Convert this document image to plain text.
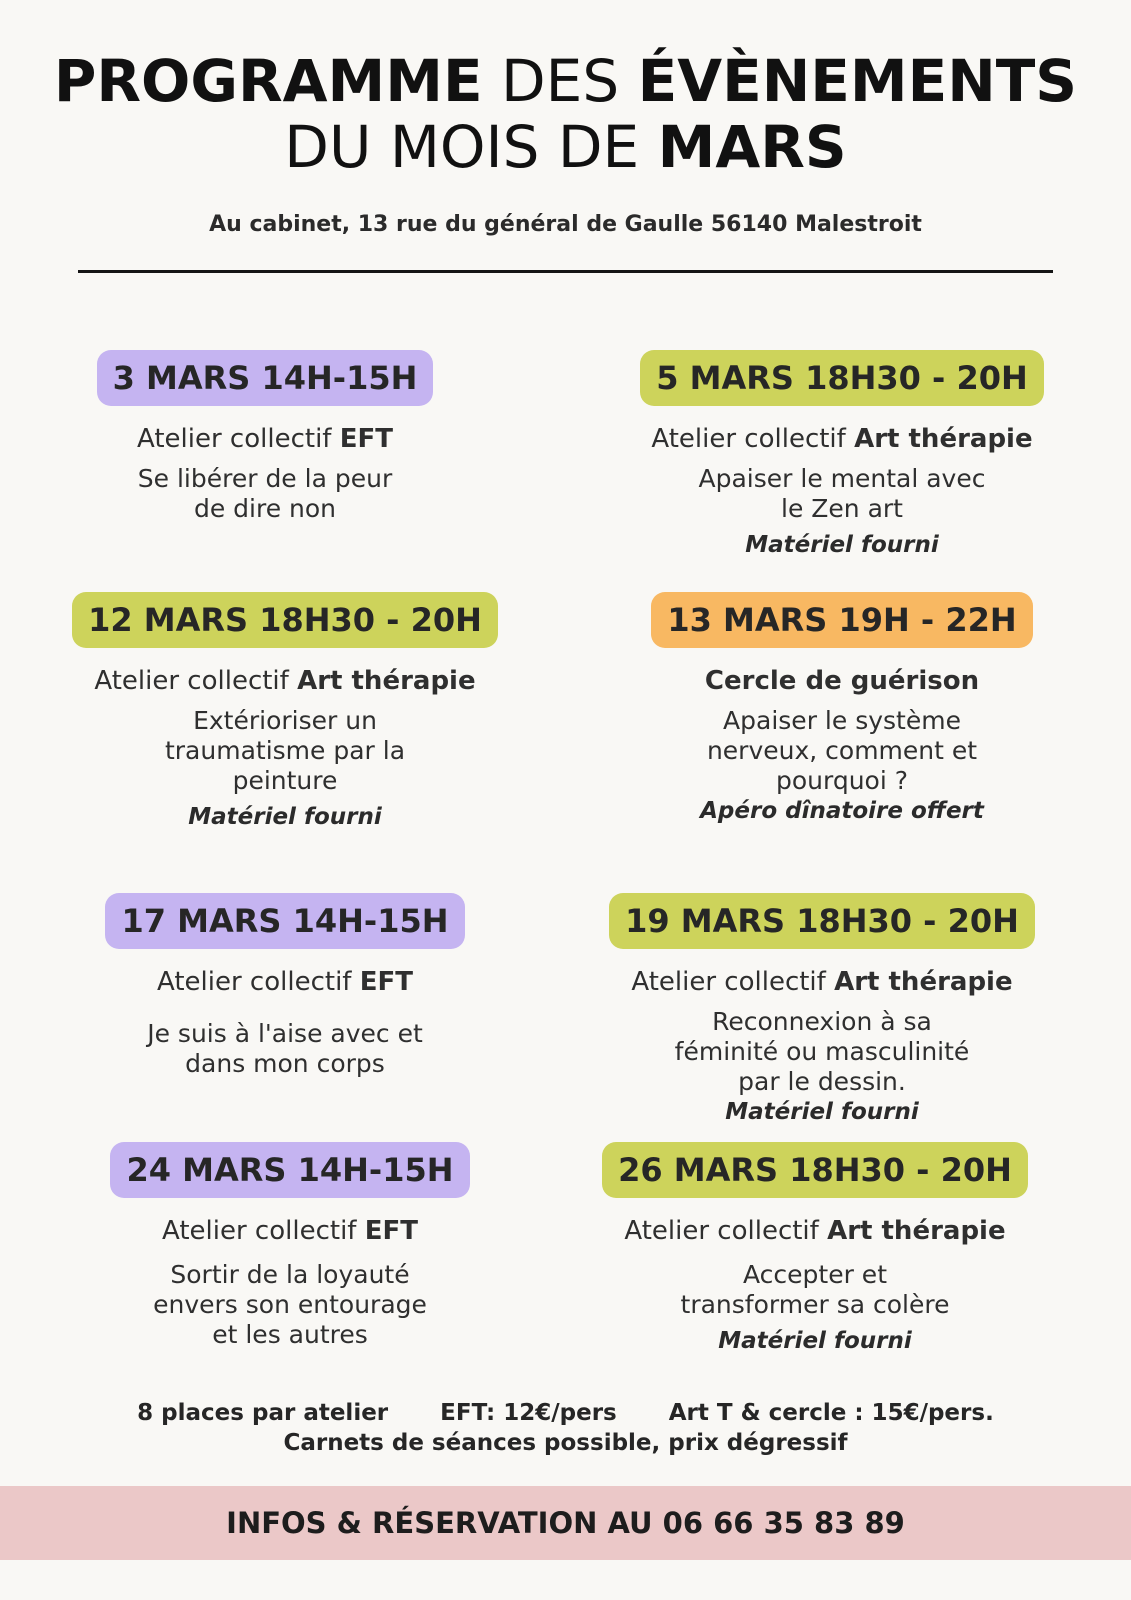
PROGRAMME DES ÉVÈNEMENTS
DU MOIS DE MARS
Au cabinet, 13 rue du général de Gaulle 56140 Malestroit
3 MARS 14H-15H
Atelier collectif EFT
Se libérer de la peur
de dire non
5 MARS 18H30 - 20H
Atelier collectif Art thérapie
Apaiser le mental avec
le Zen art
Matériel fourni
12 MARS 18H30 - 20H
Atelier collectif Art thérapie
Extérioriser un
traumatisme par la
peinture
Matériel fourni
13 MARS 19H - 22H
Cercle de guérison
Apaiser le système
nerveux, comment et
pourquoi ?
Apéro dînatoire offert
17 MARS 14H-15H
Atelier collectif EFT
Je suis à l'aise avec et
dans mon corps
19 MARS 18H30 - 20H
Atelier collectif Art thérapie
Reconnexion à sa
féminité ou masculinité
par le dessin.
Matériel fourni
24 MARS 14H-15H
Atelier collectif EFT
Sortir de la loyauté
envers son entourage
et les autres
26 MARS 18H30 - 20H
Atelier collectif Art thérapie
Accepter et
transformer sa colère
Matériel fourni
8 places par atelier EFT: 12€/pers Art T & cercle : 15€/pers.
Carnets de séances possible, prix dégressif
INFOS & RÉSERVATION AU 06 66 35 83 89
